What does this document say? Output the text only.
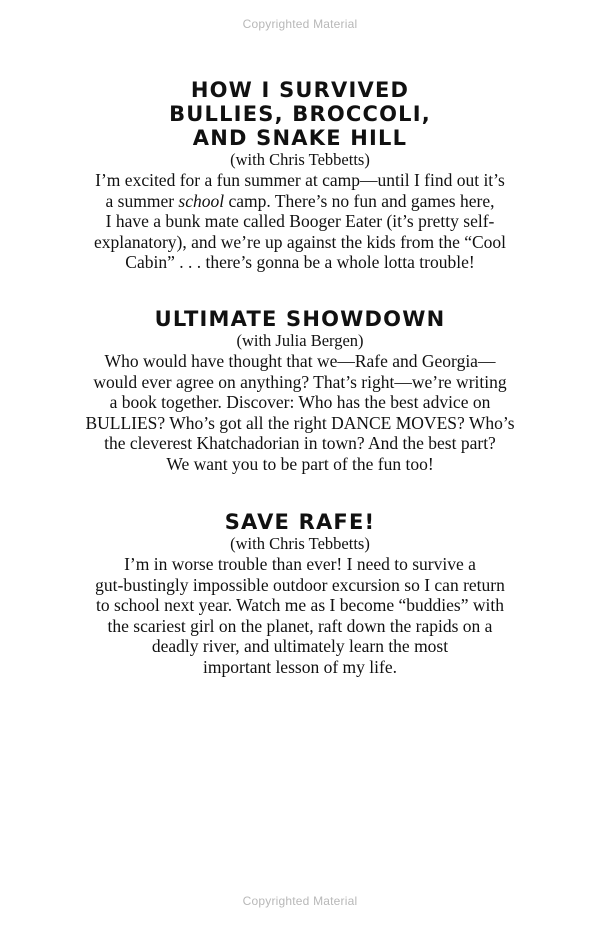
Copyrighted Material
HOW I SURVIVED
BULLIES, BROCCOLI,
AND SNAKE HILL

(with Chris Tebbetts)

I’m excited for a fun summer at camp—until I find out it’s
a summer school camp. There’s no fun and games here,
I have a bunk mate called Booger Eater (it’s pretty self-
explanatory), and we’re up against the kids from the “Cool
Cabin” . . . there’s gonna be a whole lotta trouble!

ULTIMATE SHOWDOWN

(with Julia Bergen)

Who would have thought that we—Rafe and Georgia—
would ever agree on anything? That’s right—we’re writing
a book together. Discover: Who has the best advice on
BULLIES? Who’s got all the right DANCE MOVES? Who’s
the cleverest Khatchadorian in town? And the best part?
We want you to be part of the fun too!

SAVE RAFE!

(with Chris Tebbetts)

I’m in worse trouble than ever! I need to survive a
gut-bustingly impossible outdoor excursion so I can return
to school next year. Watch me as I become “buddies” with
the scariest girl on the planet, raft down the rapids on a
deadly river, and ultimately learn the most
important lesson of my life.

Copyrighted Material
